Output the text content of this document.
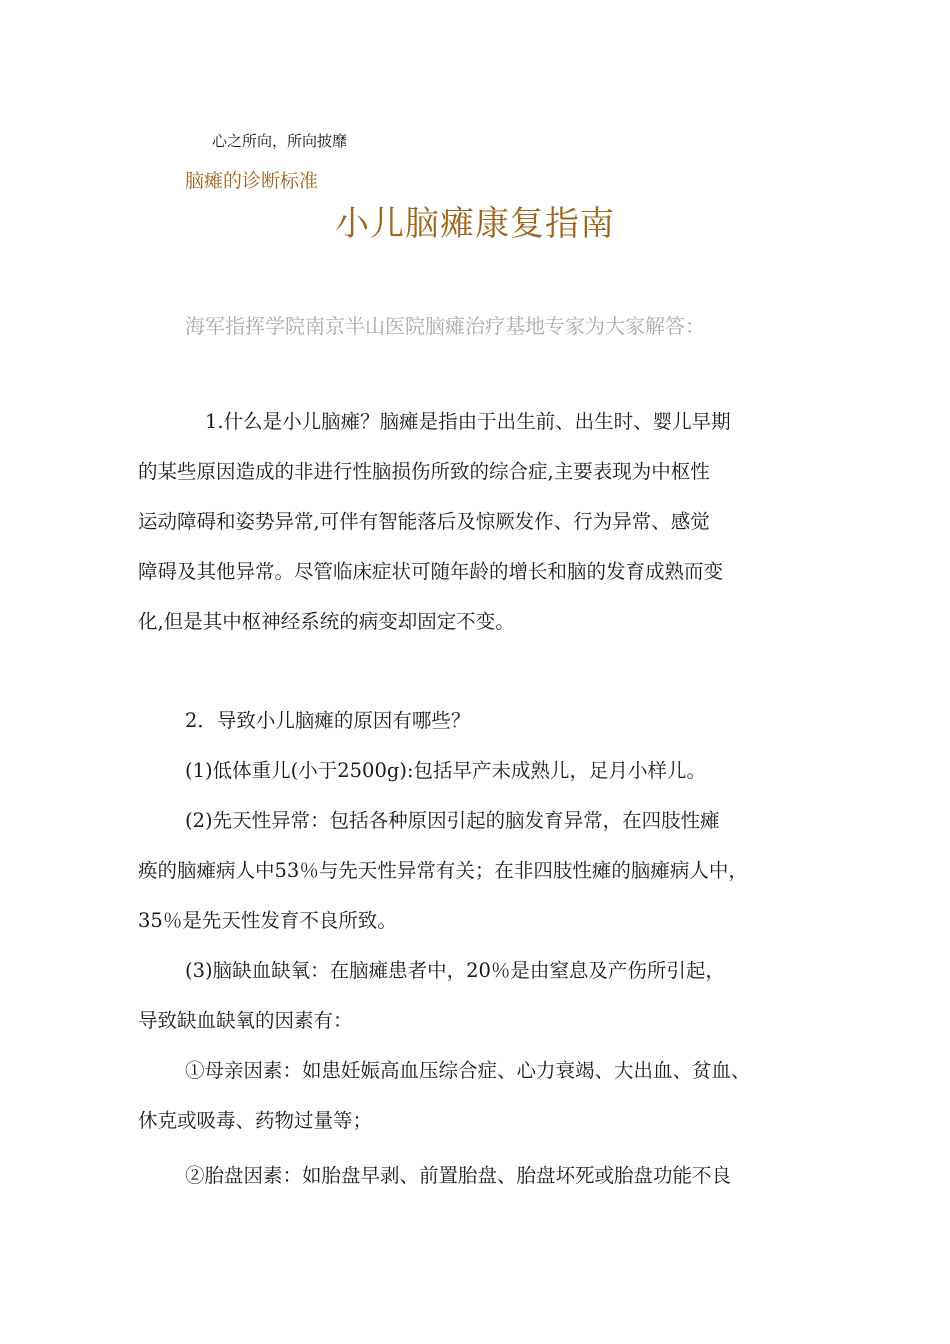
心之所向，所向披靡
脑瘫的诊断标准
小儿脑瘫康复指南
海军指挥学院南京半山医院脑瘫治疗基地专家为大家解答：
1.什么是小儿脑瘫？脑瘫是指由于出生前、出生时、婴儿早期
的某些原因造成的非进行性脑损伤所致的综合症,主要表现为中枢性
运动障碍和姿势异常,可伴有智能落后及惊厥发作、行为异常、感觉
障碍及其他异常。尽管临床症状可随年龄的增长和脑的发育成熟而变
化,但是其中枢神经系统的病变却固定不变。
2．导致小儿脑瘫的原因有哪些？
(1)低体重儿(小于2500g):包括早产未成熟儿，足月小样儿。
(2)先天性异常：包括各种原因引起的脑发育异常，在四肢性瘫
痪的脑瘫病人中53％与先天性异常有关；在非四肢性瘫的脑瘫病人中，
35％是先天性发育不良所致。
(3)脑缺血缺氧：在脑瘫患者中，20％是由窒息及产伤所引起，
导致缺血缺氧的因素有：
①母亲因素：如患妊娠高血压综合症、心力衰竭、大出血、贫血、
休克或吸毒、药物过量等；
②胎盘因素：如胎盘早剥、前置胎盘、胎盘坏死或胎盘功能不良
